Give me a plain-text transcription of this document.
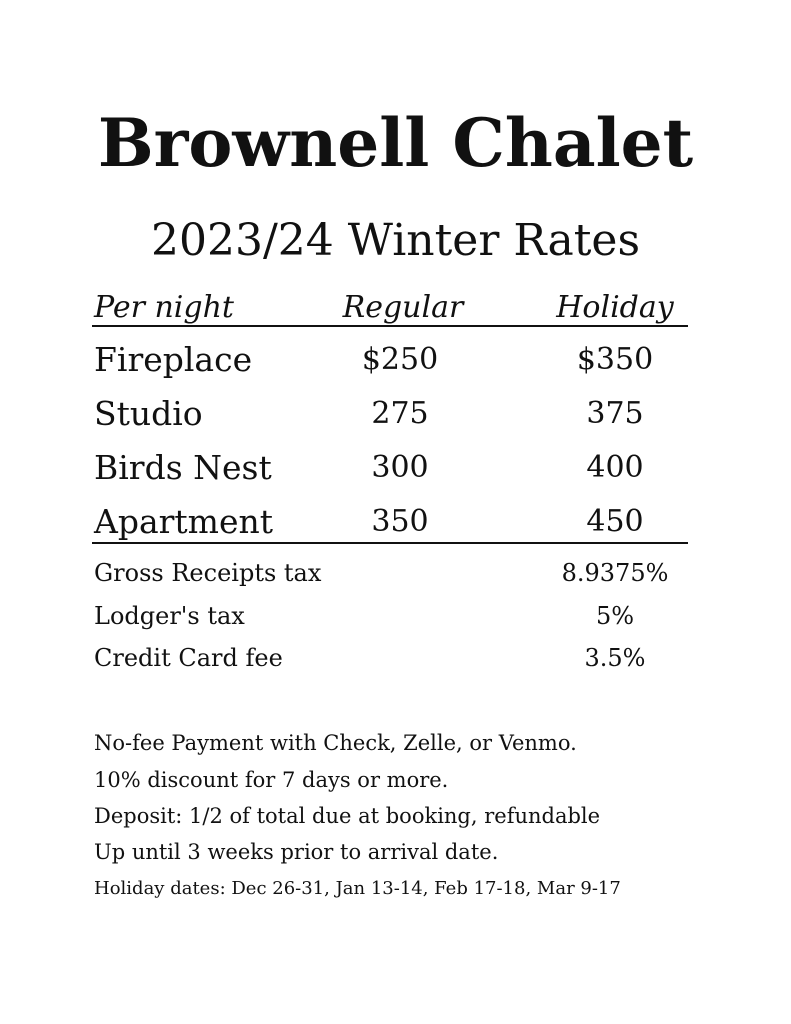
Brownell Chalet
2023/24 Winter Rates
Per night	Regular	Holiday
Fireplace	$250	$350
Studio	275	375
Birds Nest	300	400
Apartment	350	450
Gross Receipts tax	8.9375%
Lodger's tax	5%
Credit Card fee	3.5%
No-fee Payment with Check, Zelle, or Venmo.
10% discount for 7 days or more.
Deposit: 1/2 of total due at booking, refundable
Up until 3 weeks prior to arrival date.
Holiday dates: Dec 26-31, Jan 13-14, Feb 17-18, Mar 9-17
